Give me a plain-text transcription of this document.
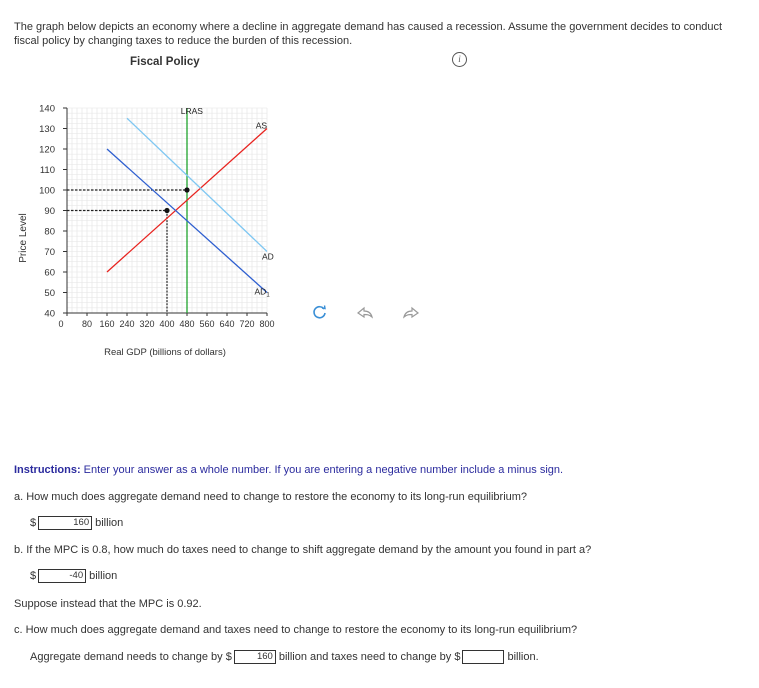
The graph below depicts an economy where a decline in aggregate demand has caused a recession. Assume the government decides to conduct fiscal policy by changing taxes to reduce the burden of this recession.
Fiscal Policy	i
40
50
60
70
80
90
100
110
120
130
140
0 80 160 240 320 400 480 560 640 720 800
LRAS
AS
AD
$AD_1$
Price Level
Real GDP (billions of dollars)
Instructions: Enter your answer as a whole number. If you are entering a negative number include a minus sign.
a. How much does aggregate demand need to change to restore the economy to its long-run equilibrium?
$	160 billion
b. If the MPC is 0.8, how much do taxes need to change to shift aggregate demand by the amount you found in part a?
$	-40 billion
Suppose instead that the MPC is 0.92.
c. How much does aggregate demand and taxes need to change to restore the economy to its long-run equilibrium?
Aggregate demand needs to change by $	160 billion and taxes need to change by $	billion.
